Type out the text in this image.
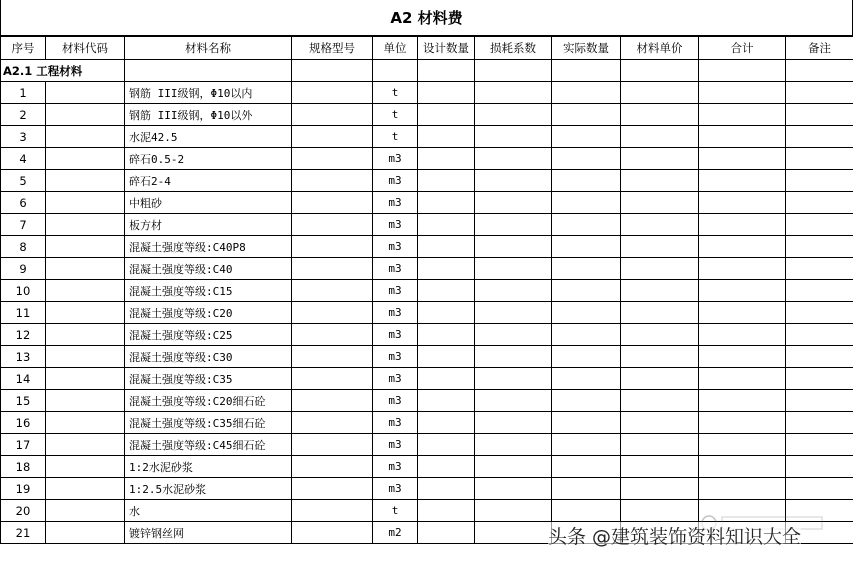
A2 材料费
序号	材料代码	材料名称	规格型号	单位	设计数量	损耗系数	实际数量	材料单价	合计	备注
A2.1 工程材料										
1		钢筋 III级钢，Φ10以内		t						
2		钢筋 III级钢，Φ10以外		t						
3		水泥42.5		t						
4		碎石0.5-2		m3						
5		碎石2-4		m3						
6		中粗砂		m3						
7		板方材		m3						
8		混凝土强度等级:C40P8		m3						
9		混凝土强度等级:C40		m3						
10		混凝土强度等级:C15		m3						
11		混凝土强度等级:C20		m3						
12		混凝土强度等级:C25		m3						
13		混凝土强度等级:C30		m3						
14		混凝土强度等级:C35		m3						
15		混凝土强度等级:C20细石砼		m3						
16		混凝土强度等级:C35细石砼		m3						
17		混凝土强度等级:C45细石砼		m3						
18		1:2水泥砂浆		m3						
19		1:2.5水泥砂浆		m3						
20		水		t						
21		镀锌钢丝网		m2							头条 @建筑装饰资料知识大全
